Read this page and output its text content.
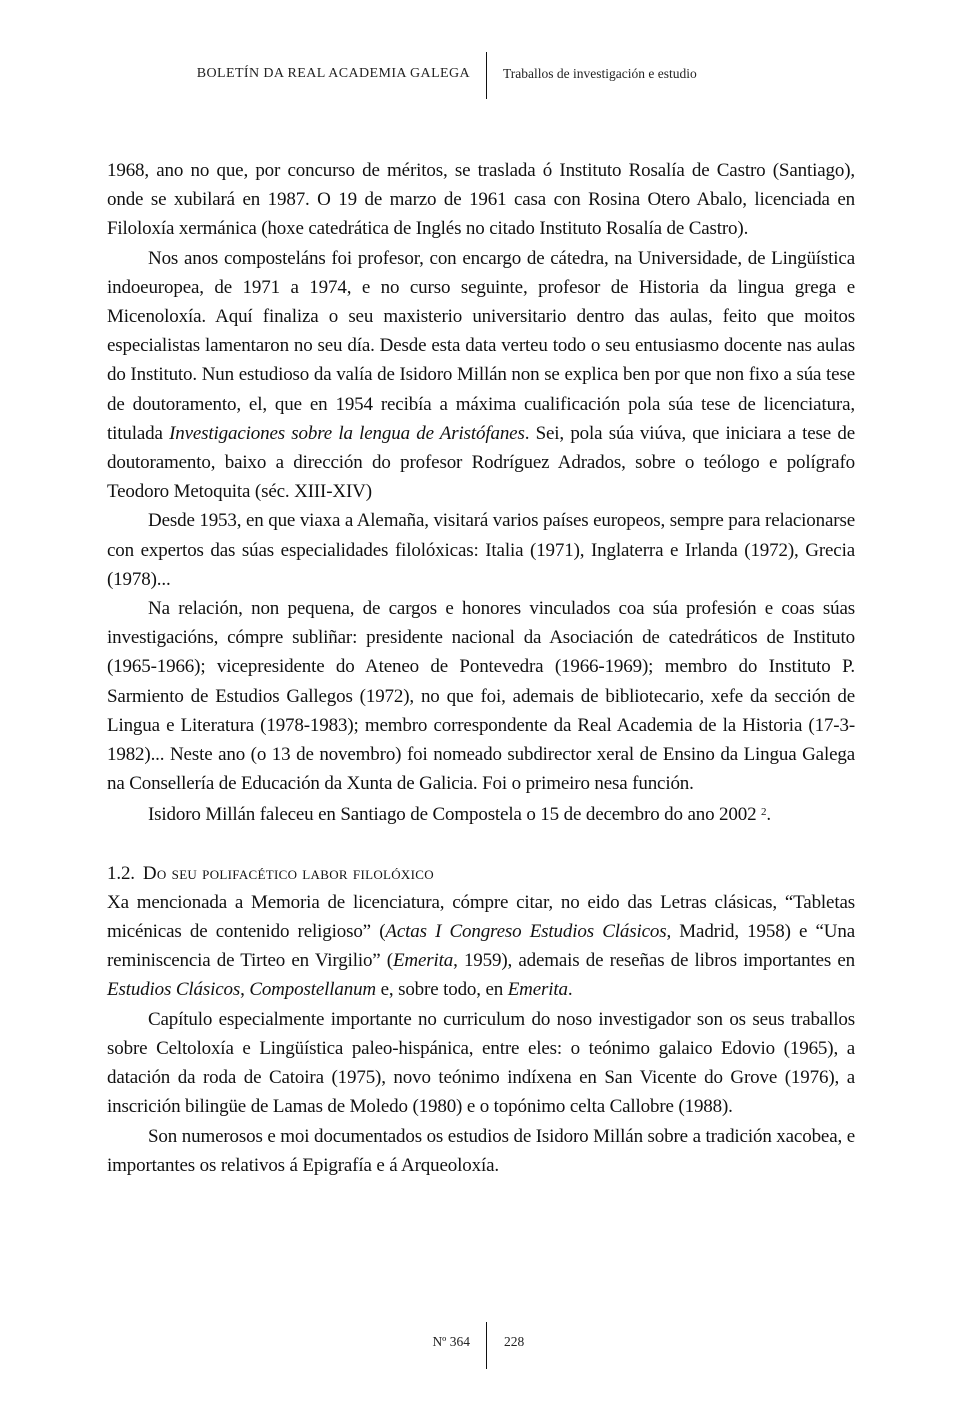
BOLETÍN DA REAL ACADEMIA GALEGA Traballos de investigación e estudio

1968, ano no que, por concurso de méritos, se traslada ó Instituto Rosalía de Castro (Santiago), onde se xubilará en 1987. O 19 de marzo de 1961 casa con Rosina Otero Abalo, licenciada en Filoloxía xermánica (hoxe catedrática de Inglés no citado Instituto Rosalía de Castro).

Nos anos composteláns foi profesor, con encargo de cátedra, na Universidade, de Lingüística indoeuropea, de 1971 a 1974, e no curso seguinte, profesor de Historia da lingua grega e Micenoloxía. Aquí finaliza o seu maxisterio universitario dentro das aulas, feito que moitos especialistas lamentaron no seu día. Desde esta data verteu todo o seu entusiasmo docente nas aulas do Instituto. Nun estudioso da valía de Isidoro Millán non se explica ben por que non fixo a súa tese de doutoramento, el, que en 1954 recibía a máxima cualificación pola súa tese de licenciatura, titulada Investigaciones sobre la lengua de Aristófanes. Sei, pola súa viúva, que iniciara a tese de doutoramento, baixo a dirección do profesor Rodríguez Adrados, sobre o teólogo e polígrafo Teodoro Metoquita (séc. XIII-XIV)

Desde 1953, en que viaxa a Alemaña, visitará varios países europeos, sempre para relacionarse con expertos das súas especialidades filolóxicas: Italia (1971), Inglaterra e Irlanda (1972), Grecia (1978)...

Na relación, non pequena, de cargos e honores vinculados coa súa profesión e coas súas investigacións, cómpre subliñar: presidente nacional da Asociación de catedráticos de Instituto (1965-1966); vicepresidente do Ateneo de Pontevedra (1966-1969); membro do Instituto P. Sarmiento de Estudios Gallegos (1972), no que foi, ademais de bibliotecario, xefe da sección de Lingua e Literatura (1978-1983); membro correspondente da Real Academia de la Historia (17-3-1982)... Neste ano (o 13 de novembro) foi nomeado subdirector xeral de Ensino da Lingua Galega na Consellería de Educación da Xunta de Galicia. Foi o primeiro nesa función.

Isidoro Millán faleceu en Santiago de Compostela o 15 de decembro do ano 2002 $^2$.

1.2. Do seu polifacético labor filolóxico

Xa mencionada a Memoria de licenciatura, cómpre citar, no eido das Letras clásicas, “Tabletas micénicas de contenido religioso” (Actas I Congreso Estudios Clásicos, Madrid, 1958) e “Una reminiscencia de Tirteo en Virgilio” (Emerita, 1959), ademais de reseñas de libros importantes en Estudios Clásicos, Compostellanum e, sobre todo, en Emerita.

Capítulo especialmente importante no curriculum do noso investigador son os seus traballos sobre Celtoloxía e Lingüística paleo-hispánica, entre eles: o teónimo galaico Edovio (1965), a datación da roda de Catoira (1975), novo teónimo indíxena en San Vicente do Grove (1976), a inscrición bilingüe de Lamas de Moledo (1980) e o topónimo celta Callobre (1988).

Son numerosos e moi documentados os estudios de Isidoro Millán sobre a tradición xacobea, e importantes os relativos á Epigrafía e á Arqueoloxía.

Nº 364	228
